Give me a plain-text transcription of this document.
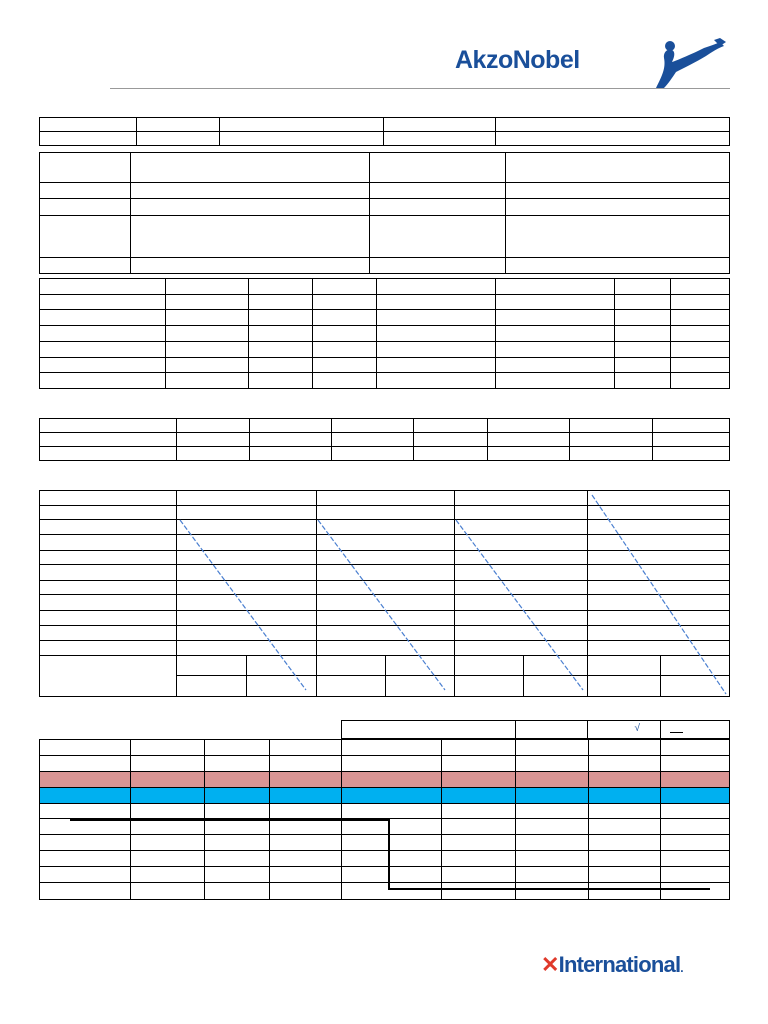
AkzoNobel

√

✕International.
